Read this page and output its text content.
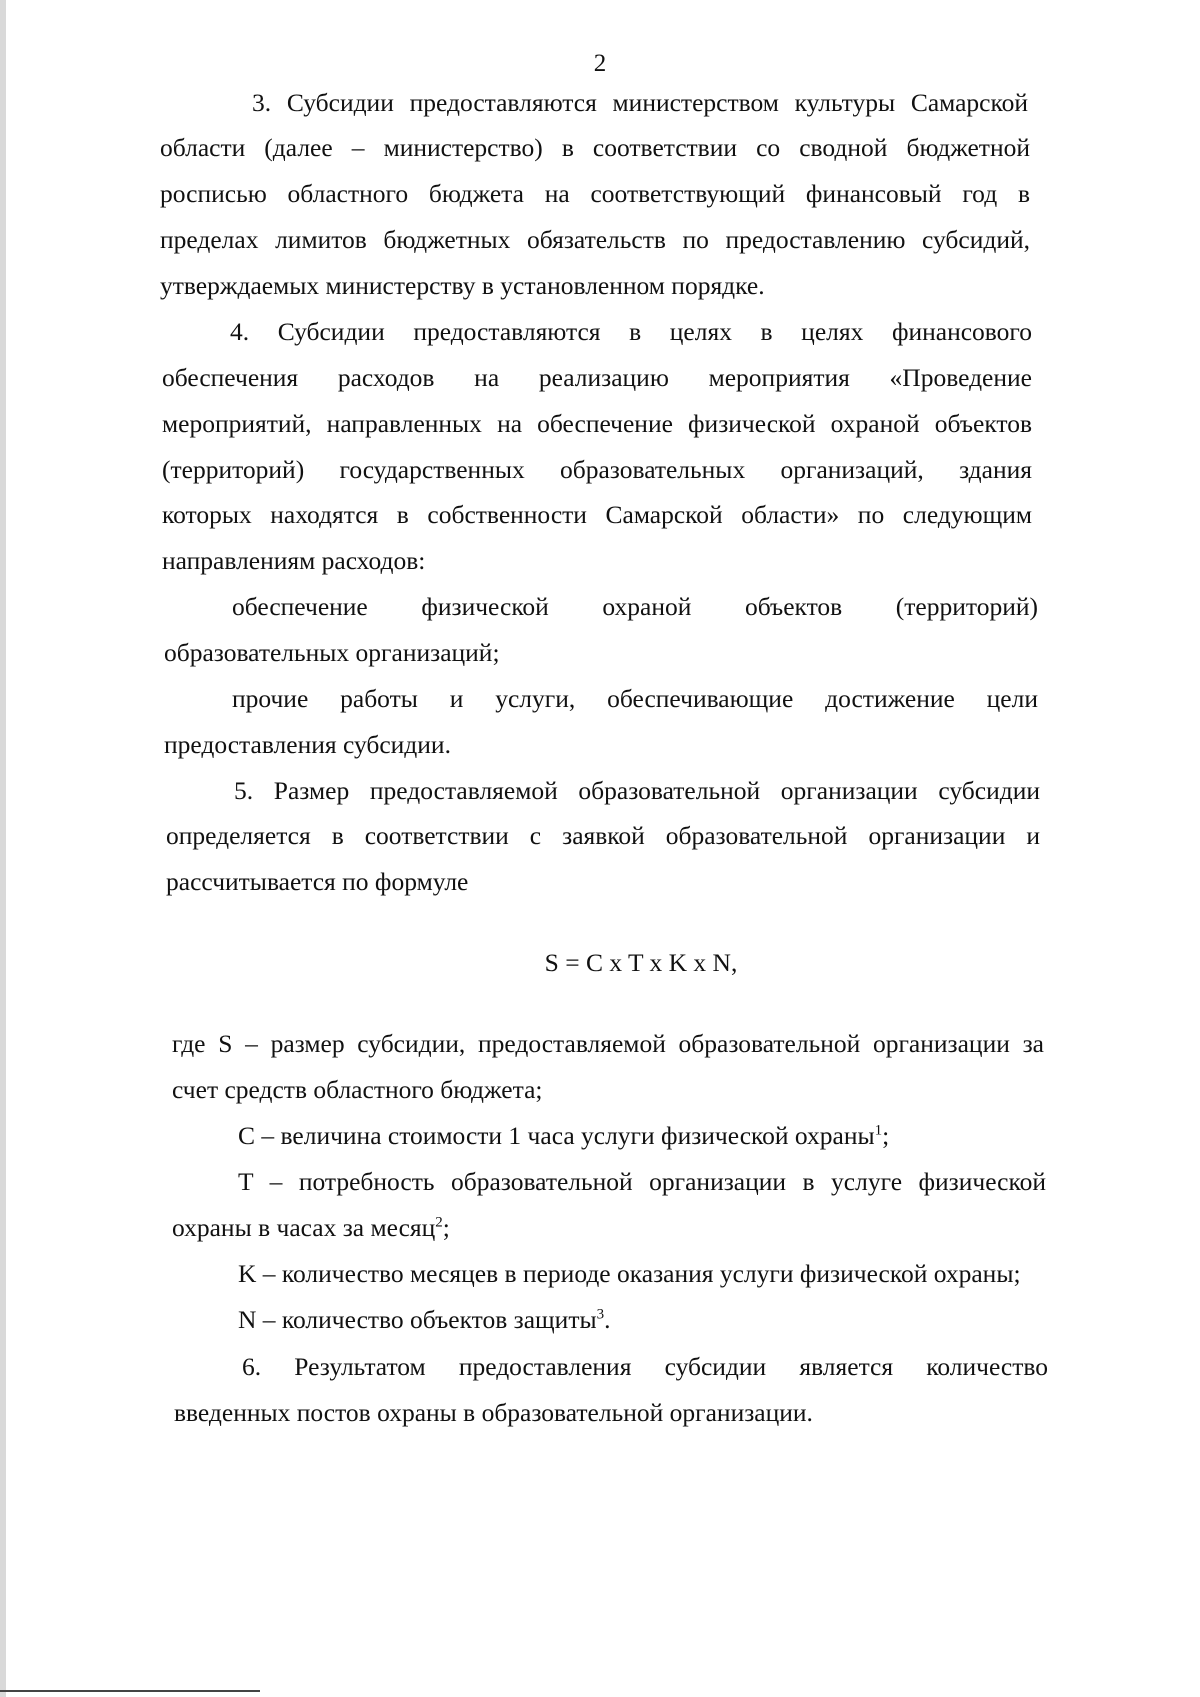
2
3. Субсидии предоставляются министерством культуры Самарской
области (далее – министерство) в соответствии со сводной бюджетной
росписью областного бюджета на соответствующий финансовый год в
пределах лимитов бюджетных обязательств по предоставлению субсидий,
утверждаемых министерству в установленном порядке.
4. Субсидии предоставляются в целях в целях финансового
обеспечения расходов на реализацию мероприятия «Проведение
мероприятий, направленных на обеспечение физической охраной объектов
(территорий) государственных образовательных организаций, здания
которых находятся в собственности Самарской области» по следующим
направлениям расходов:
обеспечение физической охраной объектов (территорий)
образовательных организаций;
прочие работы и услуги, обеспечивающие достижение цели
предоставления субсидии.
5. Размер предоставляемой образовательной организации субсидии
определяется в соответствии с заявкой образовательной организации и
рассчитывается по формуле
S = C x T x K x N,
где S – размер субсидии, предоставляемой образовательной организации за
счет средств областного бюджета;
C – величина стоимости 1 часа услуги физической охраны$^1$;
T – потребность образовательной организации в услуге физической
охраны в часах за месяц$^2$;
K – количество месяцев в периоде оказания услуги физической охраны;
N – количество объектов защиты$^3$.
6. Результатом предоставления субсидии является количество
введенных постов охраны в образовательной организации.
